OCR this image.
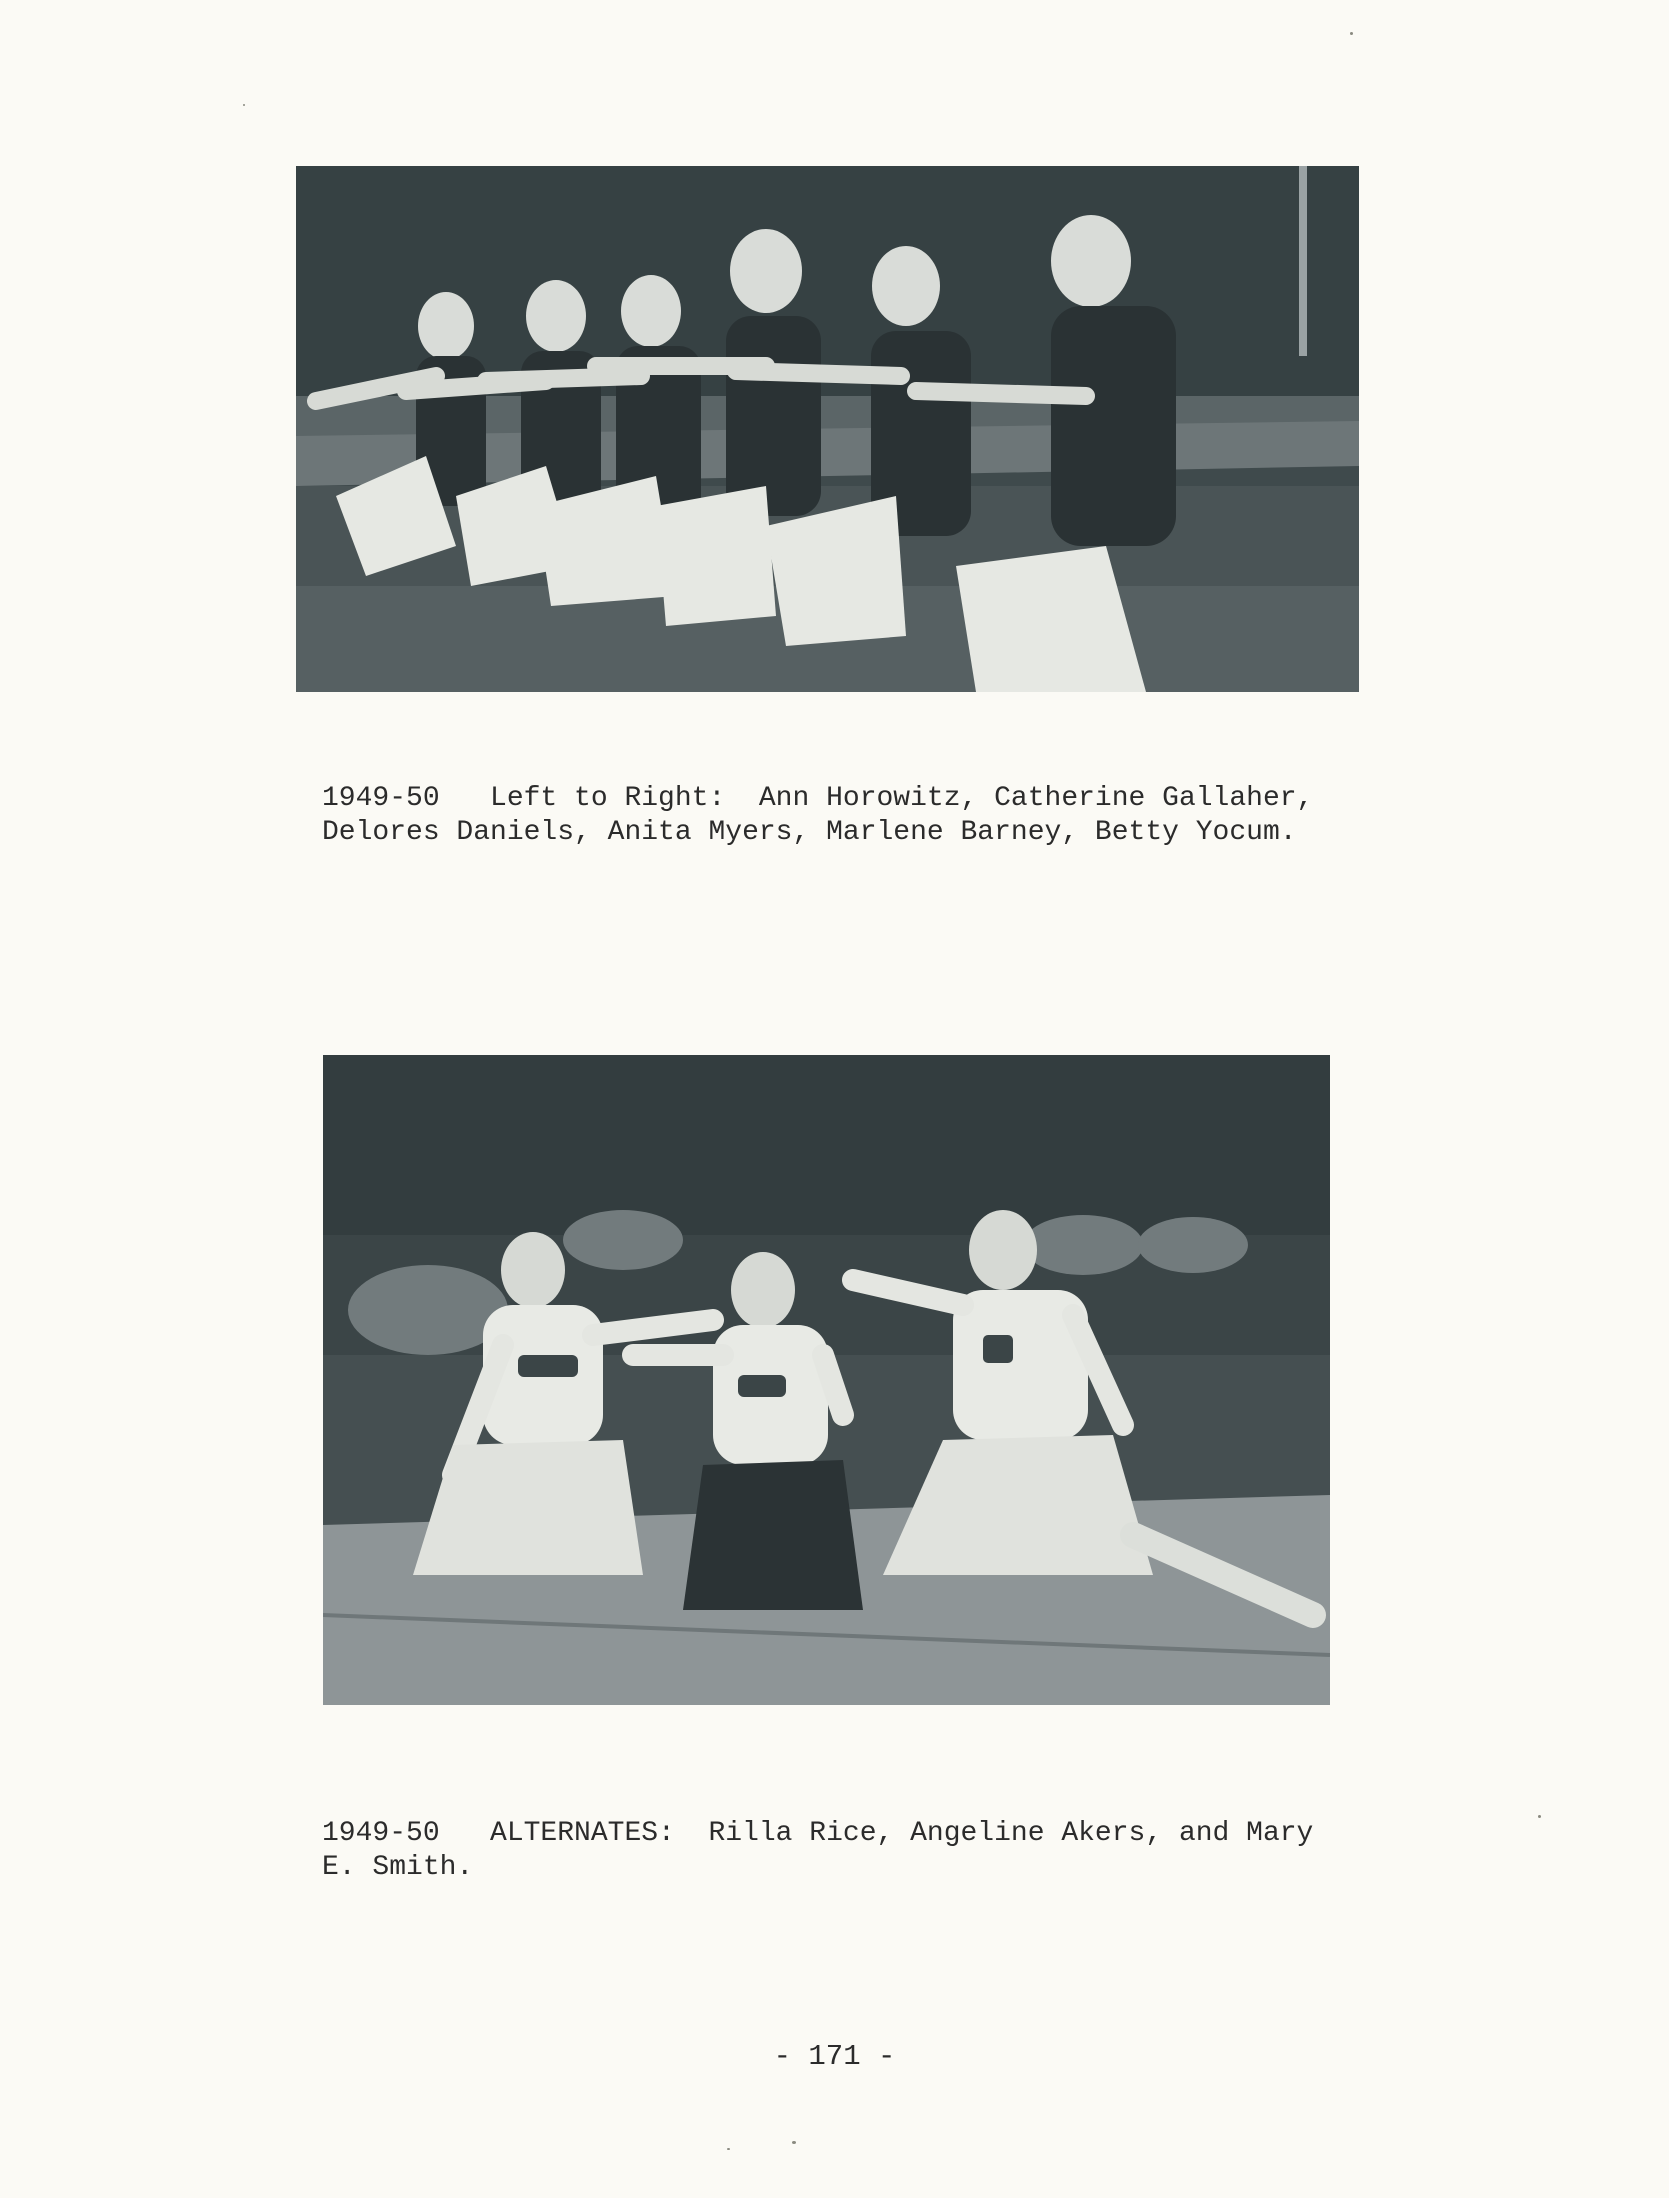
1949-50   Left to Right:  Ann Horowitz, Catherine Gallaher,
Delores Daniels, Anita Myers, Marlene Barney, Betty Yocum.

1949-50   ALTERNATES:  Rilla Rice, Angeline Akers, and Mary
E. Smith.

- 171 -
